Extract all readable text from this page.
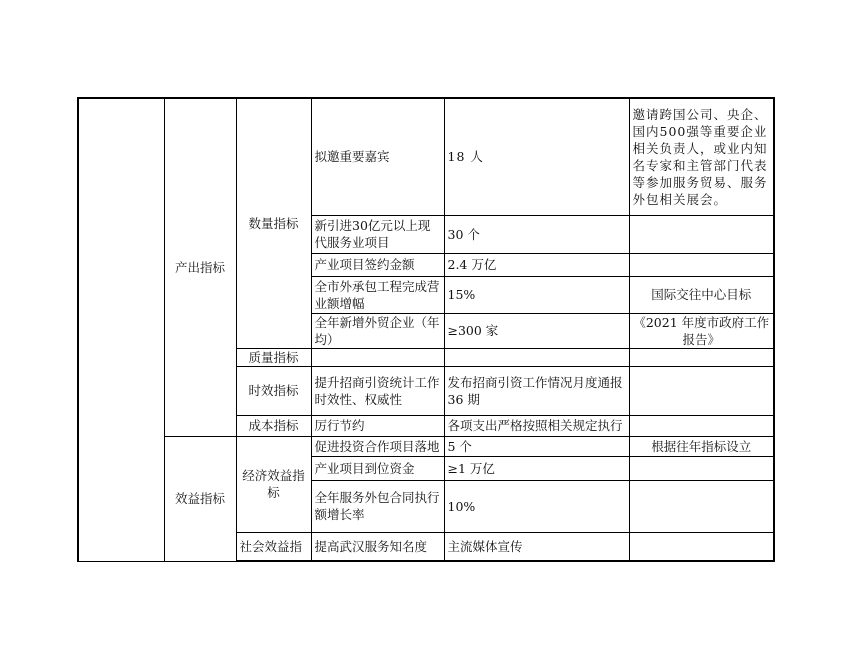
	产出指标	数量指标	拟邀重要嘉宾	18 人	邀请跨国公司、央企、国内500强等重要企业相关负责人，或业内知名专家和主管部门代表等参加服务贸易、服务外包相关展会。
			新引进30亿元以上现代服务业项目	30 个	
			产业项目签约金额	2.4 万亿	
			全市外承包工程完成营业额增幅	15%	国际交往中心目标
			全年新增外贸企业（年均）	≥300 家	《2021 年度市政府工作报告》
		质量指标			
		时效指标	提升招商引资统计工作时效性、权威性	发布招商引资工作情况月度通报 36 期	
		成本指标	厉行节约	各项支出严格按照相关规定执行	
	效益指标	经济效益指标	促进投资合作项目落地	5 个	根据往年指标设立
			产业项目到位资金	≥1 万亿	
			全年服务外包合同执行额增长率	10%	
		社会效益指	提高武汉服务知名度	主流媒体宣传	
